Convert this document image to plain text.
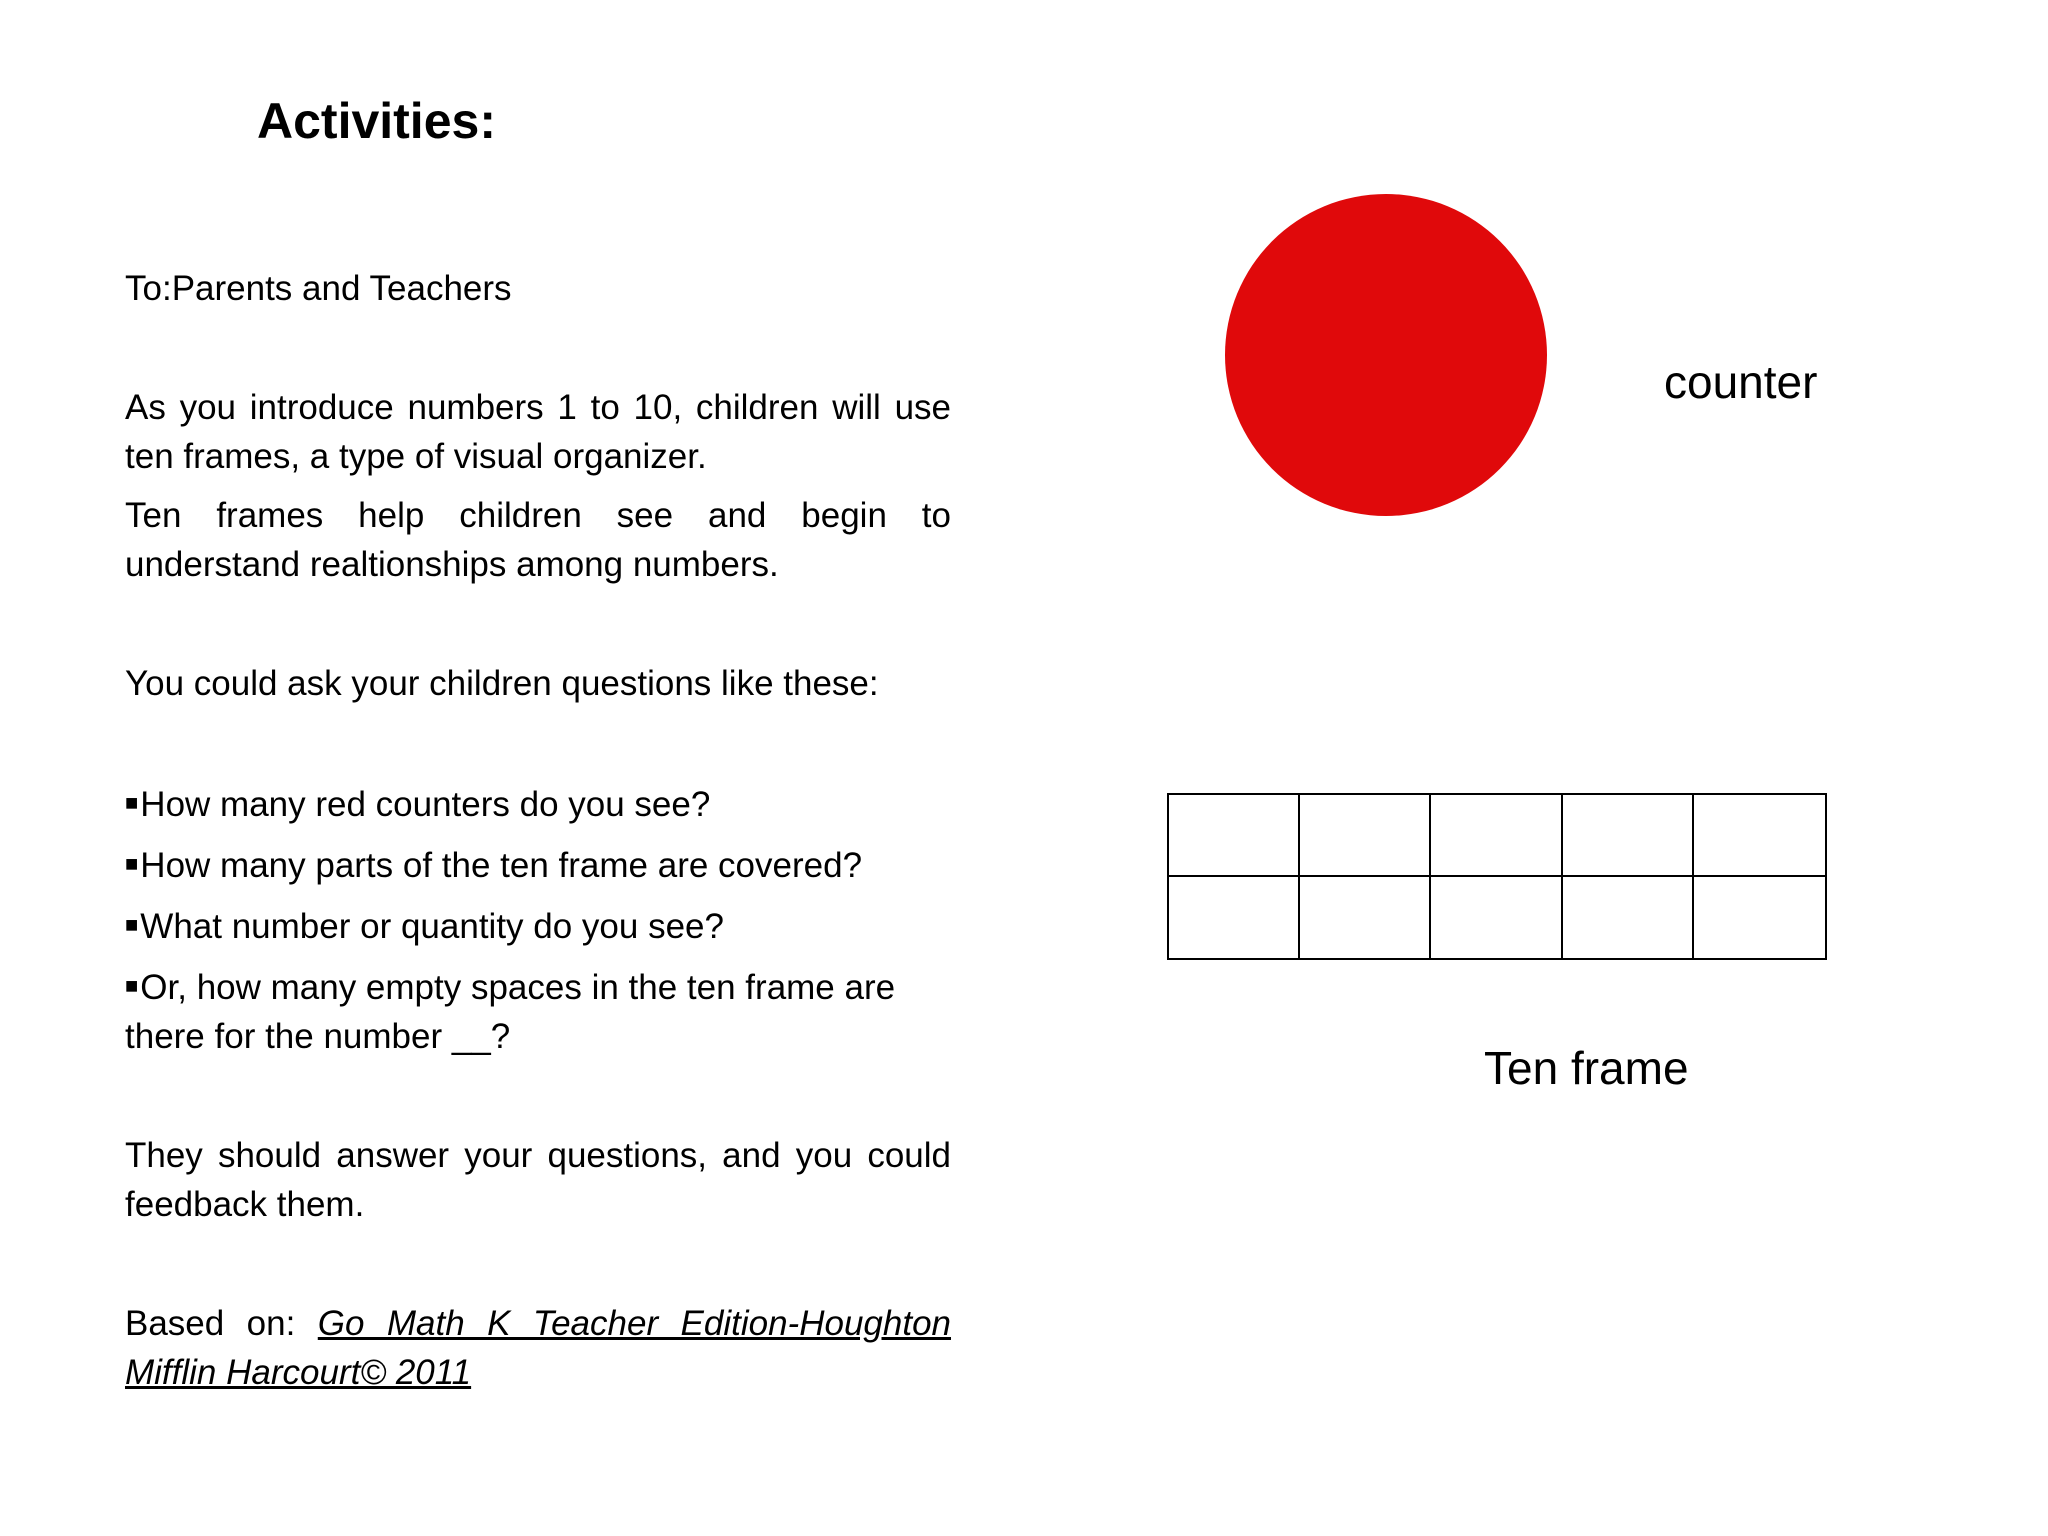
Activities:

To:Parents and Teachers

As you introduce numbers 1 to 10, children will use ten frames, a type of visual organizer.

Ten frames help children see and begin to understand realtionships among numbers.

You could ask your children questions like these:

■How many red counters do you see?
■How many parts of the ten frame are covered?
■What number or quantity do you see?
■Or, how many empty spaces in the ten frame are there for the number __?

They should answer your questions, and you could feedback them.

Based on: Go Math K Teacher Edition-Houghton Mifflin Harcourt© 2011

counter
Ten frame
